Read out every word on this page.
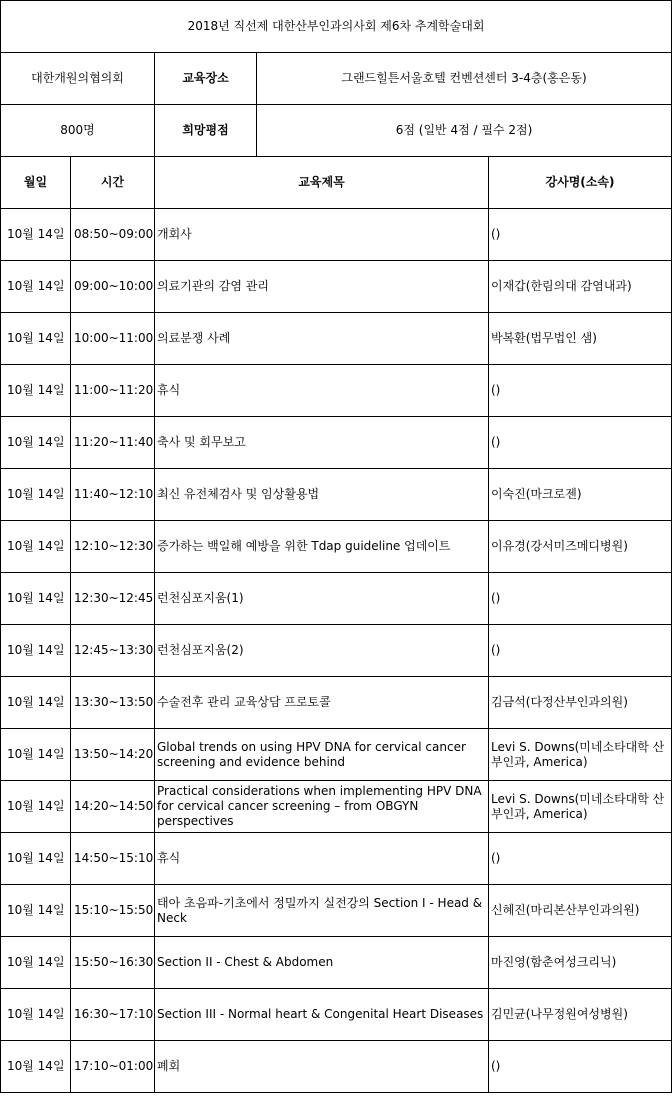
2018년 직선제 대한산부인과의사회 제6차 추계학술대회				
대한개원의협의회		교육장소	그랜드힐튼서울호텔 컨벤션센터 3-4층(홍은동)	
800명		희망평점	6점 (일반 4점 / 필수 2점)	
월일	시간	교육제목		강사명(소속)
10월 14일	08:50~09:00	개회사		()
10월 14일	09:00~10:00	의료기관의 감염 관리		이재갑(한림의대 감염내과)
10월 14일	10:00~11:00	의료분쟁 사례		박복환(법무법인 샘)
10월 14일	11:00~11:20	휴식		()
10월 14일	11:20~11:40	축사 및 회무보고		()
10월 14일	11:40~12:10	최신 유전체검사 및 임상활용법		이숙진(마크로젠)
10월 14일	12:10~12:30	증가하는 백일해 예방을 위한 Tdap guideline 업데이트		이유경(강서미즈메디병원)
10월 14일	12:30~12:45	런천심포지움(1)		()
10월 14일	12:45~13:30	런천심포지움(2)		()
10월 14일	13:30~13:50	수술전후 관리 교육상담 프로토콜		김금석(다정산부인과의원)
10월 14일	13:50~14:20	Global trends on using HPV DNA for cervical cancer screening and evidence behind		Levi S. Downs(미네소타대학 산부인과, America)
10월 14일	14:20~14:50	Practical considerations when implementing HPV DNA for cervical cancer screening – from OBGYN perspectives		Levi S. Downs(미네소타대학 산부인과, America)
10월 14일	14:50~15:10	휴식		()
10월 14일	15:10~15:50	태아 초음파-기초에서 정밀까지 실전강의 Section I - Head & Neck		신혜진(마리본산부인과의원)
10월 14일	15:50~16:30	Section II - Chest & Abdomen		마진영(함춘여성크리닉)
10월 14일	16:30~17:10	Section III - Normal heart & Congenital Heart Diseases		김민균(나무정원여성병원)
10월 14일	17:10~01:00	폐회		()
